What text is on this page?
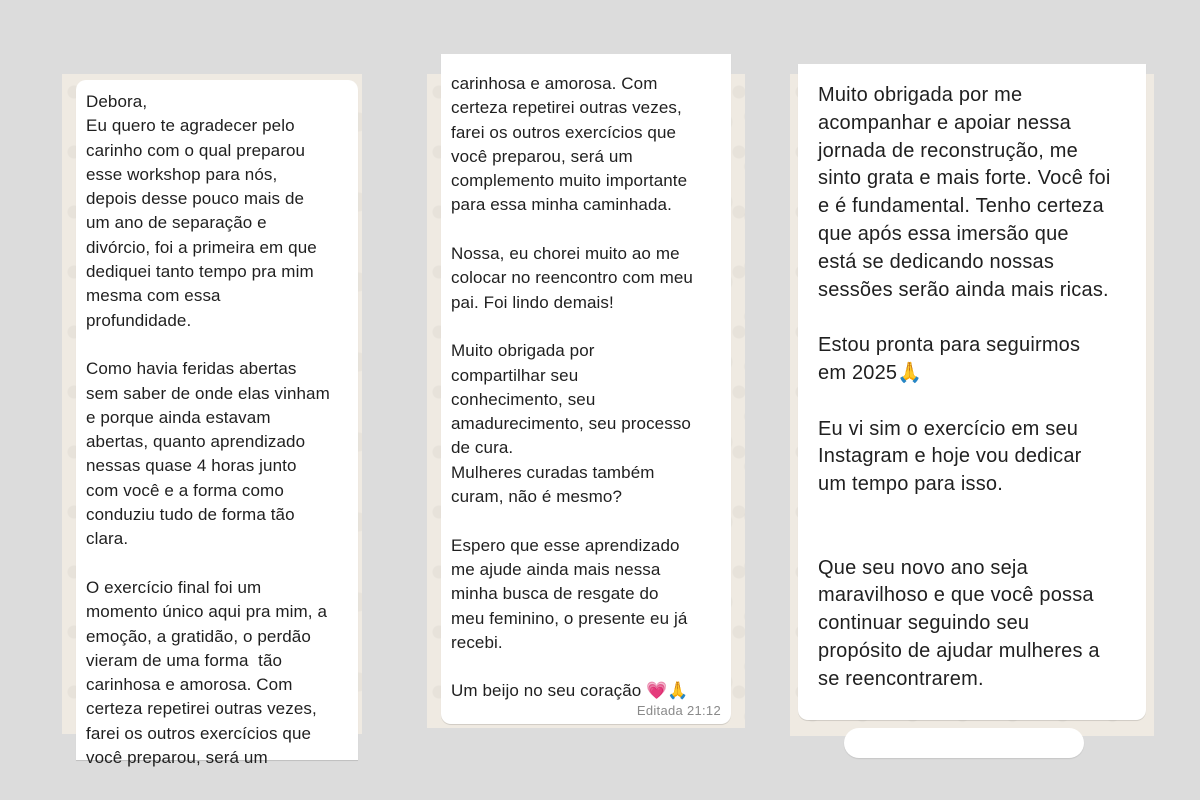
Debora,
Eu quero te agradecer pelo
carinho com o qual preparou
esse workshop para nós,
depois desse pouco mais de
um ano de separação e
divórcio, foi a primeira em que
dediquei tanto tempo pra mim
mesma com essa
profundidade.

Como havia feridas abertas
sem saber de onde elas vinham
e porque ainda estavam
abertas, quanto aprendizado
nessas quase 4 horas junto
com você e a forma como
conduziu tudo de forma tão
clara.

O exercício final foi um
momento único aqui pra mim, a
emoção, a gratidão, o perdão
vieram de uma forma  tão
carinhosa e amorosa. Com
certeza repetirei outras vezes,
farei os outros exercícios que
você preparou, será um

carinhosa e amorosa. Com
certeza repetirei outras vezes,
farei os outros exercícios que
você preparou, será um
complemento muito importante
para essa minha caminhada.

Nossa, eu chorei muito ao me
colocar no reencontro com meu
pai. Foi lindo demais!

Muito obrigada por
compartilhar seu
conhecimento, seu
amadurecimento, seu processo
de cura.
Mulheres curadas também
curam, não é mesmo?

Espero que esse aprendizado
me ajude ainda mais nessa
minha busca de resgate do
meu feminino, o presente eu já
recebi.

Um beijo no seu coração 💗🙏

Editada 21:12

Muito obrigada por me
acompanhar e apoiar nessa
jornada de reconstrução, me
sinto grata e mais forte. Você foi
e é fundamental. Tenho certeza
que após essa imersão que
está se dedicando nossas
sessões serão ainda mais ricas.

Estou pronta para seguirmos
em 2025🙏

Eu vi sim o exercício em seu
Instagram e hoje vou dedicar
um tempo para isso.

Que seu novo ano seja
maravilhoso e que você possa
continuar seguindo seu
propósito de ajudar mulheres a
se reencontrarem.
